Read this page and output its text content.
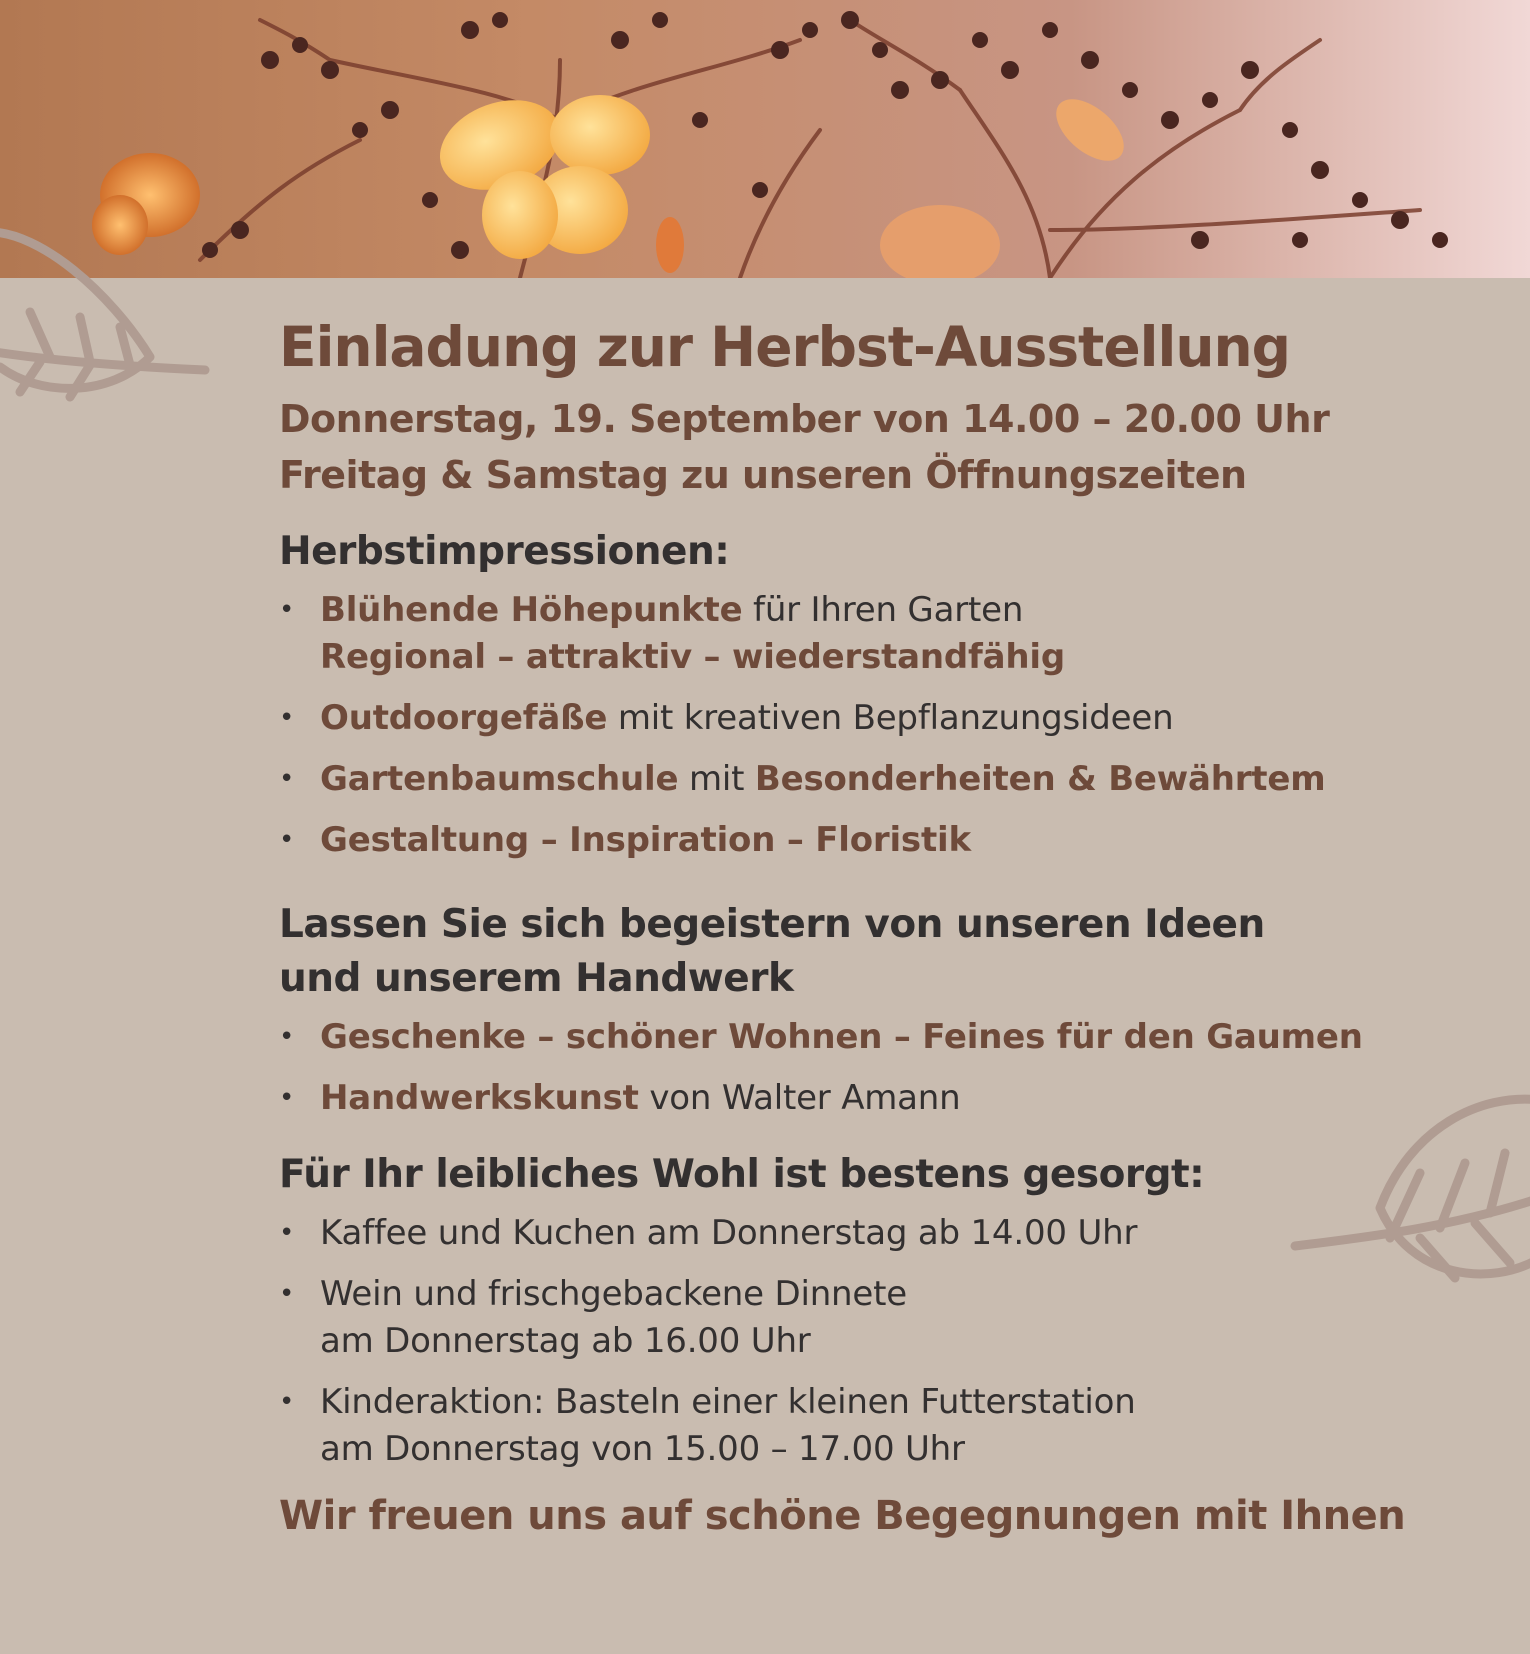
Einladung zur Herbst-Ausstellung
Donnerstag, 19. September von 14.00 – 20.00 Uhr
Freitag & Samstag zu unseren Öffnungszeiten
Herbstimpressionen:
• Blühende Höhepunkte für Ihren Garten
Regional – attraktiv – wiederstandfähig
• Outdoorgefäße mit kreativen Bepflanzungsideen
• Gartenbaumschule mit Besonderheiten & Bewährtem
• Gestaltung – Inspiration – Floristik
Lassen Sie sich begeistern von unseren Ideen
und unserem Handwerk
• Geschenke – schöner Wohnen – Feines für den Gaumen
• Handwerkskunst von Walter Amann
Für Ihr leibliches Wohl ist bestens gesorgt:
• Kaffee und Kuchen am Donnerstag ab 14.00 Uhr
• Wein und frischgebackene Dinnete
am Donnerstag ab 16.00 Uhr
• Kinderaktion: Basteln einer kleinen Futterstation
am Donnerstag von 15.00 – 17.00 Uhr
Wir freuen uns auf schöne Begegnungen mit Ihnen
